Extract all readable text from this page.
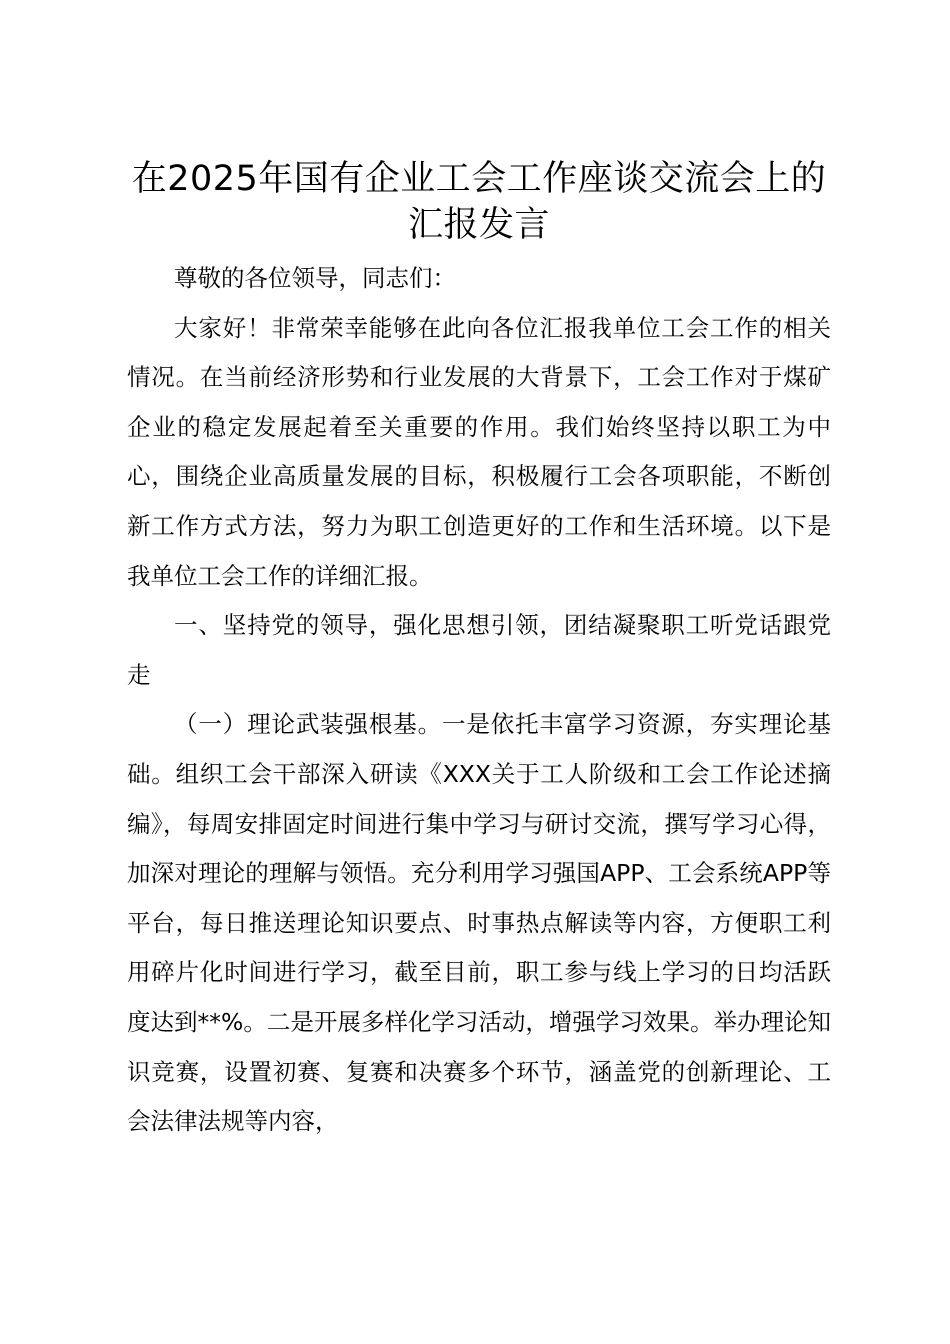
在2025年国有企业工会工作座谈交流会上的
汇报发言

尊敬的各位领导，同志们：

大家好！非常荣幸能够在此向各位汇报我单位工会工作的相关情况。在当前经济形势和行业发展的大背景下，工会工作对于煤矿企业的稳定发展起着至关重要的作用。我们始终坚持以职工为中心，围绕企业高质量发展的目标，积极履行工会各项职能，不断创新工作方式方法，努力为职工创造更好的工作和生活环境。以下是我单位工会工作的详细汇报。

一、坚持党的领导，强化思想引领，团结凝聚职工听党话跟党走

（一）理论武装强根基。一是依托丰富学习资源，夯实理论基础。组织工会干部深入研读《XXX关于工人阶级和工会工作论述摘编》，每周安排固定时间进行集中学习与研讨交流，撰写学习心得，加深对理论的理解与领悟。充分利用学习强国APP、工会系统APP等平台，每日推送理论知识要点、时事热点解读等内容，方便职工利用碎片化时间进行学习，截至目前，职工参与线上学习的日均活跃度达到**%。二是开展多样化学习活动，增强学习效果。举办理论知识竞赛，设置初赛、复赛和决赛多个环节，涵盖党的创新理论、工会法律法规等内容，
